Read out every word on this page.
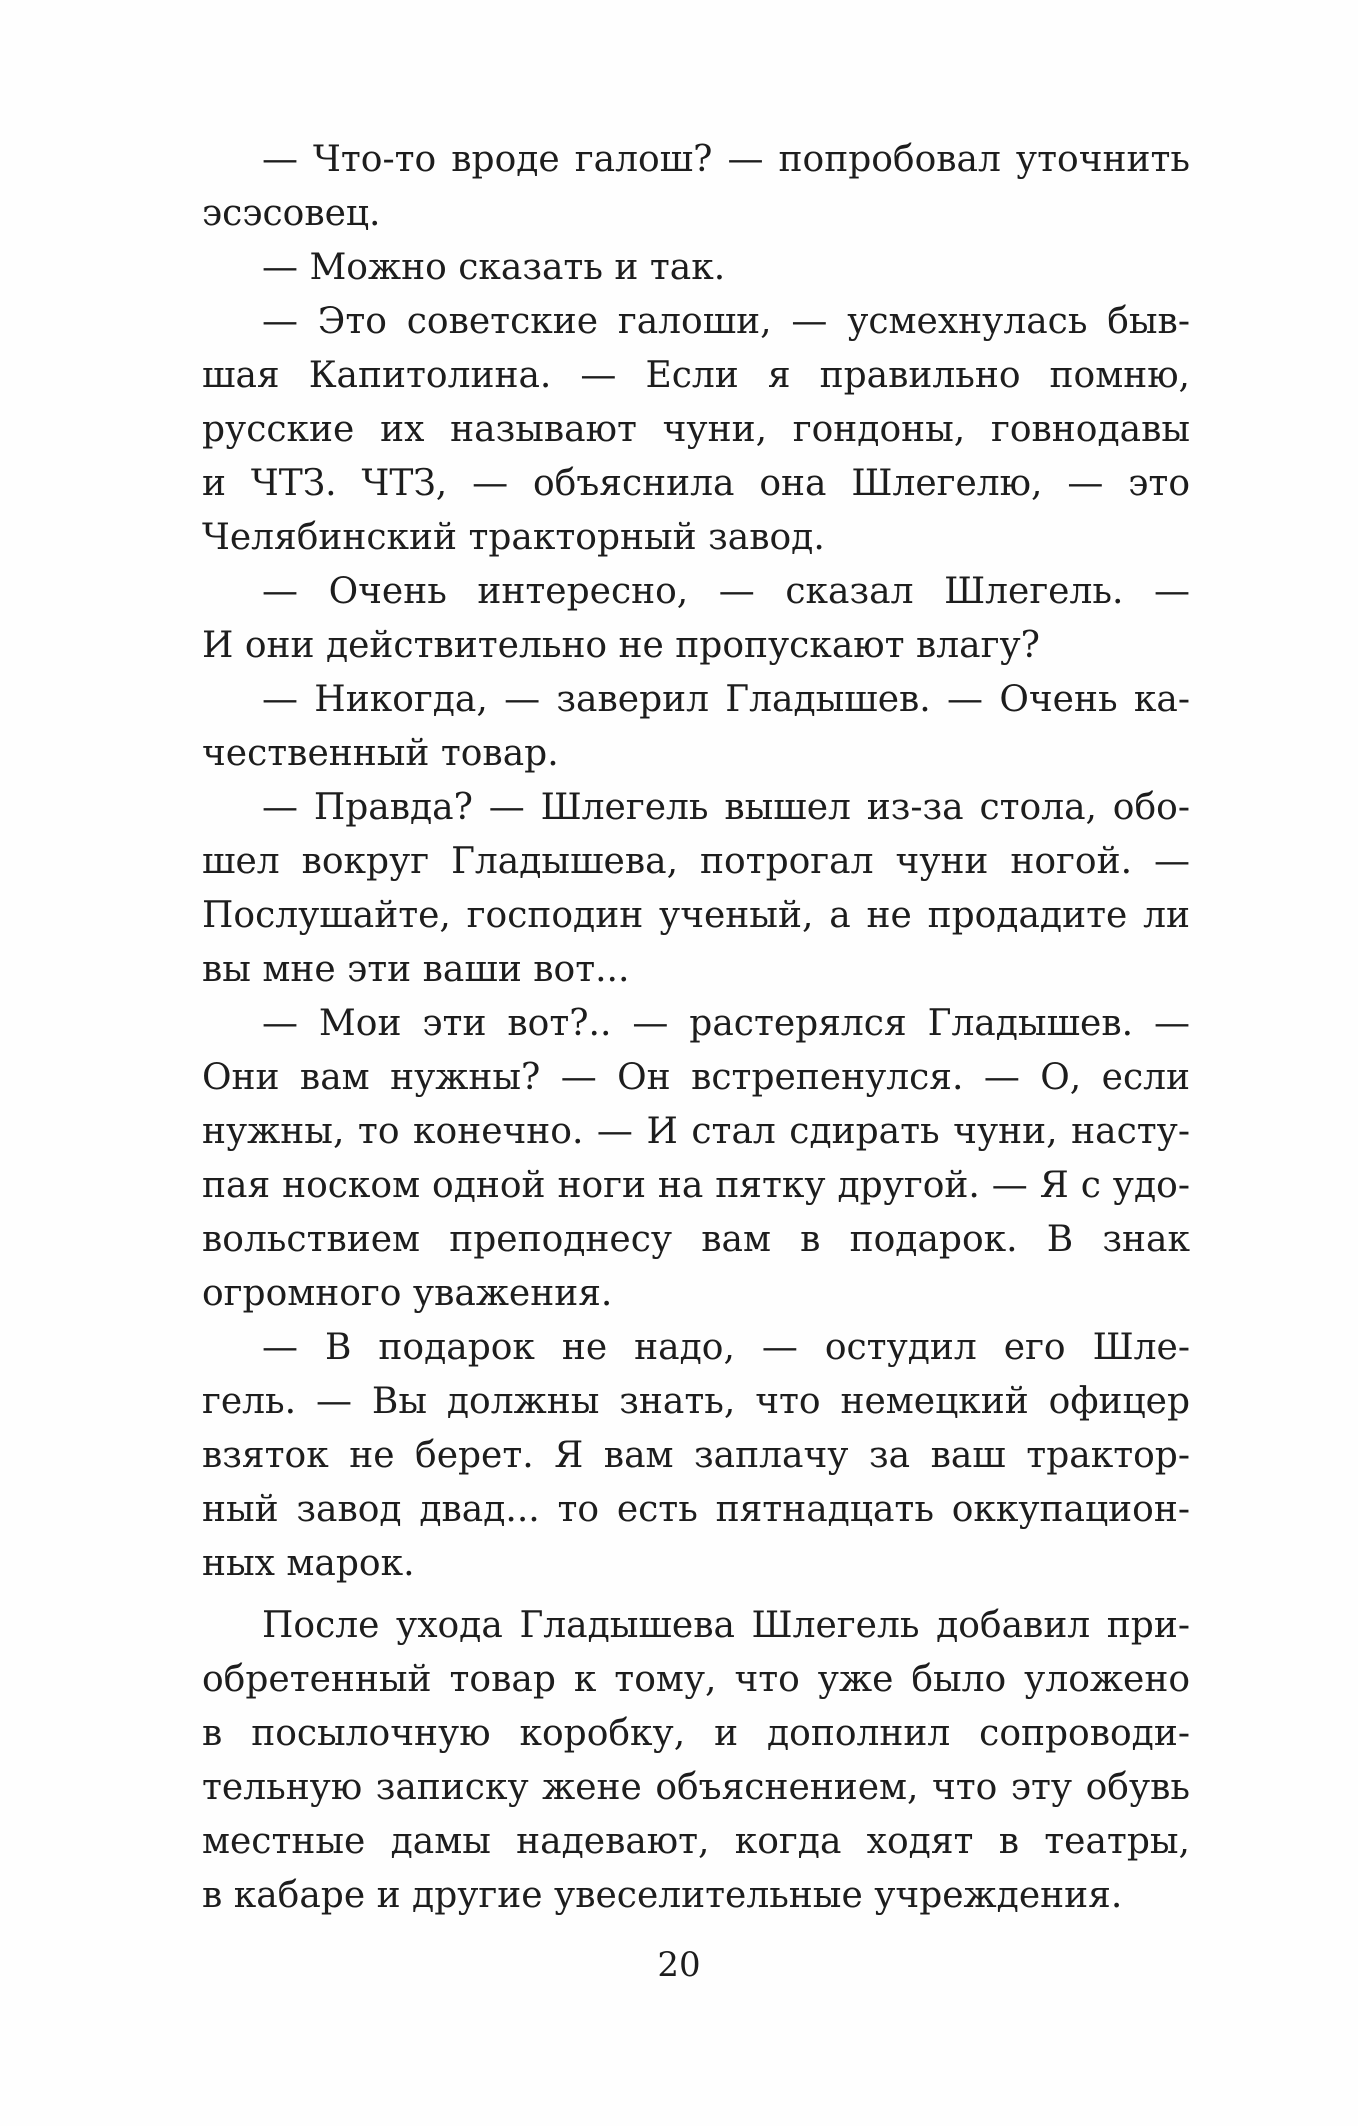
— Что-то вроде галош? — попробовал уточнить
эсэсовец.
— Можно сказать и так.
— Это советские галоши, — усмехнулась быв-
шая Капитолина. — Если я правильно помню,
русские их называют чуни, гондоны, говнодавы
и ЧТЗ. ЧТЗ, — объяснила она Шлегелю, — это
Челябинский тракторный завод.
— Очень интересно, — сказал Шлегель. —
И они действительно не пропускают влагу?
— Никогда, — заверил Гладышев. — Очень ка-
чественный товар.
— Правда? — Шлегель вышел из-за стола, обо-
шел вокруг Гладышева, потрогал чуни ногой. —
Послушайте, господин ученый, а не продадите ли
вы мне эти ваши вот...
— Мои эти вот?.. — растерялся Гладышев. —
Они вам нужны? — Он встрепенулся. — О, если
нужны, то конечно. — И стал сдирать чуни, насту-
пая носком одной ноги на пятку другой. — Я с удо-
вольствием преподнесу вам в подарок. В знак
огромного уважения.
— В подарок не надо, — остудил его Шле-
гель. — Вы должны знать, что немецкий офицер
взяток не берет. Я вам заплачу за ваш трактор-
ный завод двад... то есть пятнадцать оккупацион-
ных марок.
После ухода Гладышева Шлегель добавил при-
обретенный товар к тому, что уже было уложено
в посылочную коробку, и дополнил сопроводи-
тельную записку жене объяснением, что эту обувь
местные дамы надевают, когда ходят в театры,
в кабаре и другие увеселительные учреждения.
20
